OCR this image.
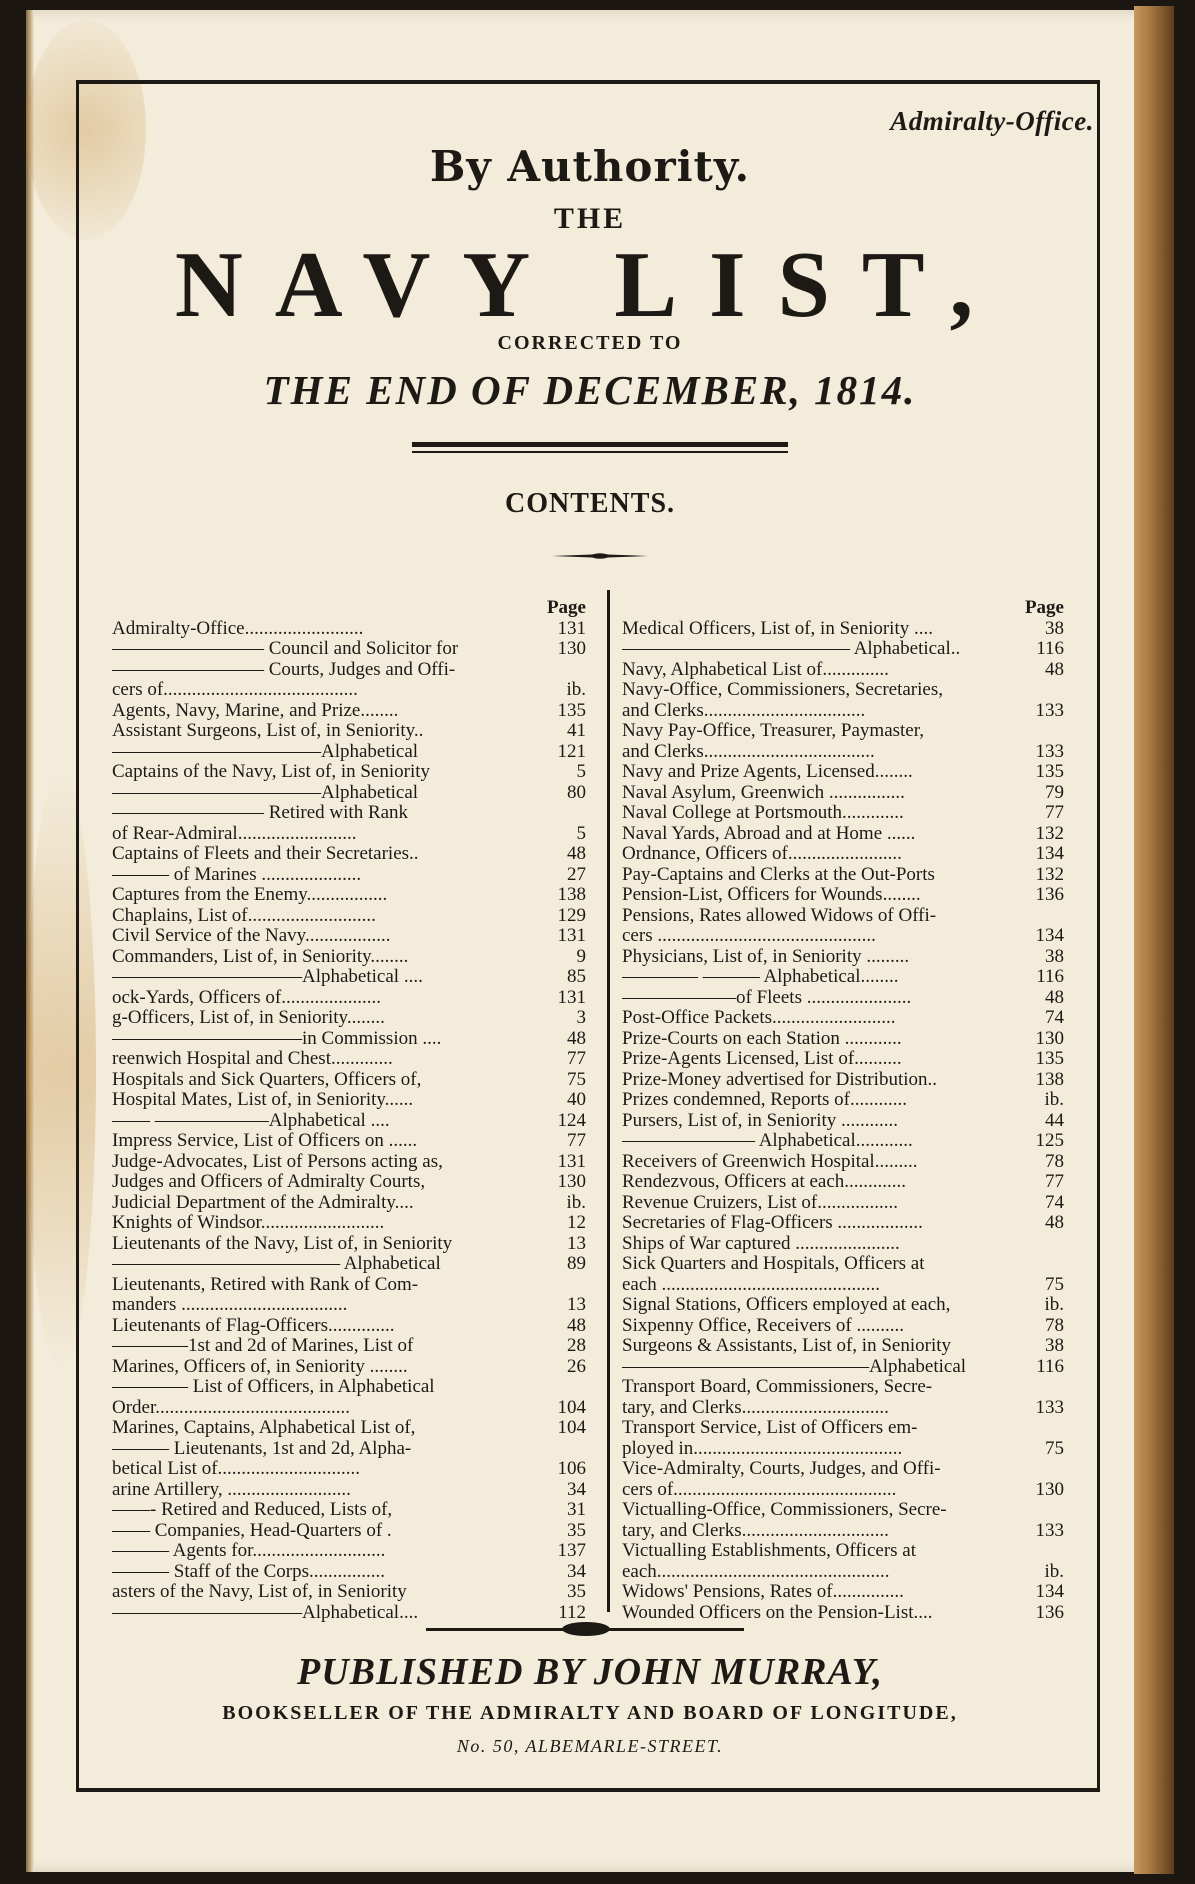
Admiralty-Office.
By Authority.
THE
NAVY LIST,
CORRECTED TO
THE END OF DECEMBER, 1814.
CONTENTS.
Page
Admiralty-Office.........................	131
———————— Council and Solicitor for	130
———————— Courts, Judges and Offi-
cers of.........................................	ib.
Agents, Navy, Marine, and Prize........	135
Assistant Surgeons, List of, in Seniority..	41
———————————Alphabetical	121
Captains of the Navy, List of, in Seniority	5
———————————Alphabetical	80
———————— Retired with Rank
of Rear-Admiral.........................	5
Captains of Fleets and their Secretaries..	48
——— of Marines .....................	27
Captures from the Enemy.................	138
Chaplains, List of...........................	129
Civil Service of the Navy..................	131
Commanders, List of, in Seniority........	9
——————————Alphabetical ....	85
ock-Yards, Officers of.....................	131
g-Officers, List of, in Seniority........	3
——————————in Commission ....	48
reenwich Hospital and Chest.............	77
Hospitals and Sick Quarters, Officers of,	75
Hospital Mates, List of, in Seniority......	40
—— ——————Alphabetical ....	124
Impress Service, List of Officers on ......	77
Judge-Advocates, List of Persons acting as,	131
Judges and Officers of Admiralty Courts,	130
Judicial Department of the Admiralty....	ib.
Knights of Windsor..........................	12
Lieutenants of the Navy, List of, in Seniority	13
———————————— Alphabetical	89
Lieutenants, Retired with Rank of Com-
manders ...................................	13
Lieutenants of Flag-Officers..............	48
————1st and 2d of Marines, List of	28
Marines, Officers of, in Seniority ........	26
———— List of Officers, in Alphabetical
Order.........................................	104
Marines, Captains, Alphabetical List of,	104
——— Lieutenants, 1st and 2d, Alpha-
betical List of..............................	106
arine Artillery, ..........................	34
——- Retired and Reduced, Lists of,	31
—— Companies, Head-Quarters of .	35
——— Agents for............................	137
——— Staff of the Corps................	34
asters of the Navy, List of, in Seniority	35
——————————Alphabetical....	112
Page
Medical Officers, List of, in Seniority ....	38
———————————— Alphabetical..	116
Navy, Alphabetical List of..............	48
Navy-Office, Commissioners, Secretaries,
and Clerks..................................	133
Navy Pay-Office, Treasurer, Paymaster,
and Clerks....................................	133
Navy and Prize Agents, Licensed........	135
Naval Asylum, Greenwich ................	79
Naval College at Portsmouth.............	77
Naval Yards, Abroad and at Home ......	132
Ordnance, Officers of........................	134
Pay-Captains and Clerks at the Out-Ports	132
Pension-List, Officers for Wounds........	136
Pensions, Rates allowed Widows of Offi-
cers ..............................................	134
Physicians, List of, in Seniority .........	38
———— ——— Alphabetical........	116
——————of Fleets ......................	48
Post-Office Packets..........................	74
Prize-Courts on each Station ............	130
Prize-Agents Licensed, List of..........	135
Prize-Money advertised for Distribution..	138
Prizes condemned, Reports of............	ib.
Pursers, List of, in Seniority ............	44
——————— Alphabetical............	125
Receivers of Greenwich Hospital.........	78
Rendezvous, Officers at each.............	77
Revenue Cruizers, List of.................	74
Secretaries of Flag-Officers ..................	48
Ships of War captured ......................
Sick Quarters and Hospitals, Officers at
each ..............................................	75
Signal Stations, Officers employed at each,	ib.
Sixpenny Office, Receivers of ..........	78
Surgeons & Assistants, List of, in Seniority	38
—————————————Alphabetical	116
Transport Board, Commissioners, Secre-
tary, and Clerks...............................	133
Transport Service, List of Officers em-
ployed in............................................	75
Vice-Admiralty, Courts, Judges, and Offi-
cers of...............................................	130
Victualling-Office, Commissioners, Secre-
tary, and Clerks...............................	133
Victualling Establishments, Officers at
each.................................................	ib.
Widows' Pensions, Rates of...............	134
Wounded Officers on the Pension-List....	136
PUBLISHED BY JOHN MURRAY,
BOOKSELLER OF THE ADMIRALTY AND BOARD OF LONGITUDE,
No. 50, ALBEMARLE-STREET.
